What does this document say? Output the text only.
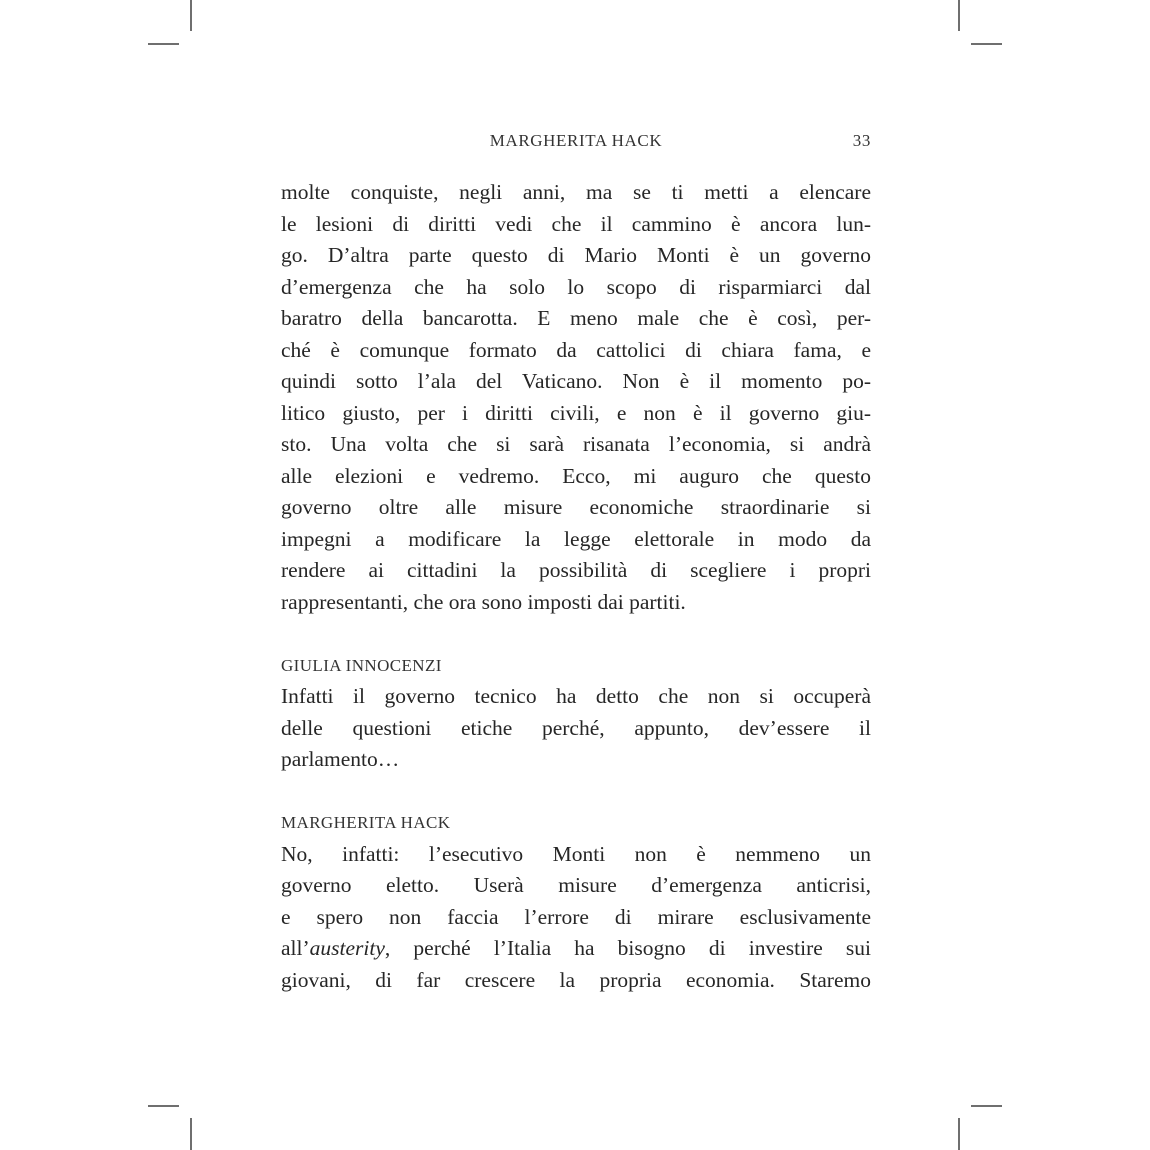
MARGHERITA HACK	33
molte conquiste, negli anni, ma se ti metti a elencare
le lesioni di diritti vedi che il cammino è ancora lun-
go. D’altra parte questo di Mario Monti è un governo
d’emergenza che ha solo lo scopo di risparmiarci dal
baratro della bancarotta. E meno male che è così, per-
ché è comunque formato da cattolici di chiara fama, e
quindi sotto l’ala del Vaticano. Non è il momento po-
litico giusto, per i diritti civili, e non è il governo giu-
sto. Una volta che si sarà risanata l’economia, si andrà
alle elezioni e vedremo. Ecco, mi auguro che questo
governo oltre alle misure economiche straordinarie si
impegni a modificare la legge elettorale in modo da
rendere ai cittadini la possibilità di scegliere i propri
rappresentanti, che ora sono imposti dai partiti.
GIULIA INNOCENZI
Infatti il governo tecnico ha detto che non si occuperà
delle questioni etiche perché, appunto, dev’essere il
parlamento…
MARGHERITA HACK
No, infatti: l’esecutivo Monti non è nemmeno un
governo eletto. Userà misure d’emergenza anticrisi,
e spero non faccia l’errore di mirare esclusivamente
all’austerity, perché l’Italia ha bisogno di investire sui
giovani, di far crescere la propria economia. Staremo
